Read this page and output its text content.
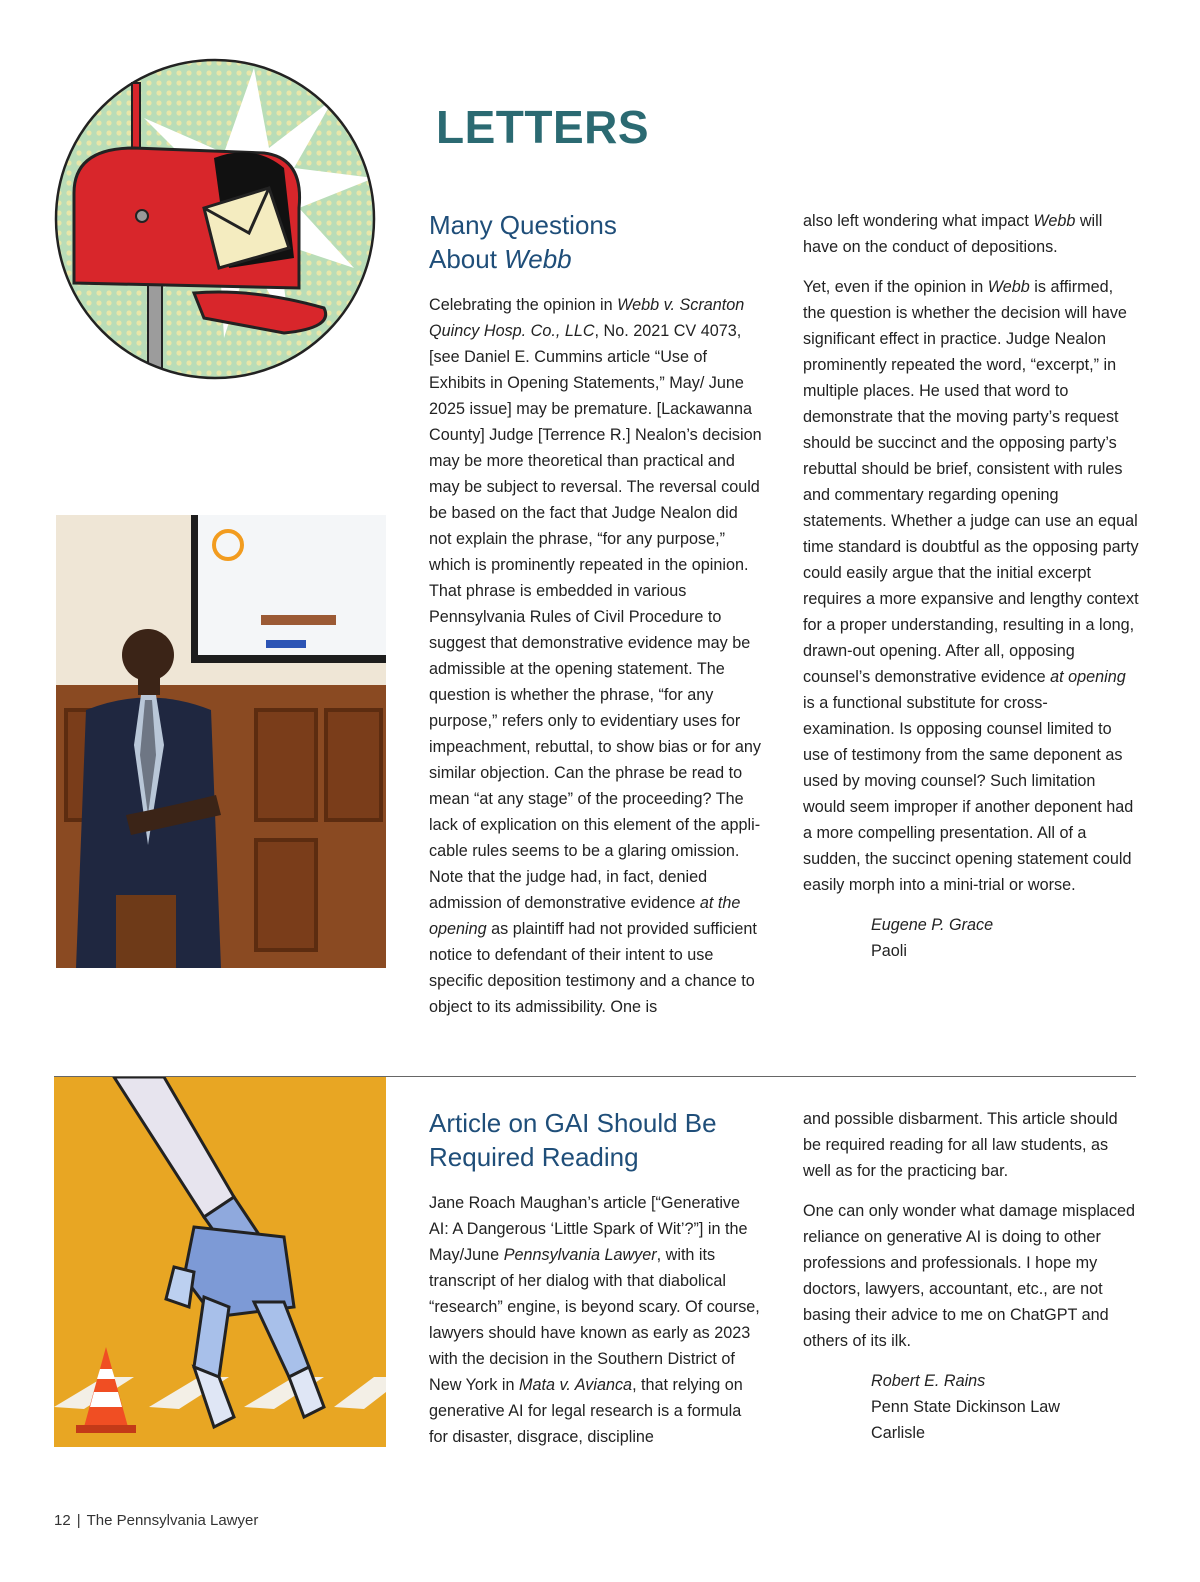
LETTERS
Many Questions
About Webb

Celebrating the opinion in Webb v. Scranton Quincy Hosp. Co., LLC, No. 2021 CV 4073, [see Daniel E. Cummins article “Use of Exhibits in Opening Statements,” May/ June 2025 issue] may be premature. [Lackawanna County] Judge [Terrence R.] Nealon’s decision may be more theoretical than practical and may be subject to reversal. The reversal could be based on the fact that Judge Nealon did not explain the phrase, “for any purpose,” which is prominently repeated in the opinion. That phrase is embedded in various Pennsylvania Rules of Civil Procedure to suggest that demonstrative evidence may be admissible at the opening statement. The question is whether the phrase, “for any purpose,” refers only to evidentiary uses for impeachment, rebuttal, to show bias or for any similar objection. Can the phrase be read to mean “at any stage” of the proceeding? The lack of explication on this element of the applicable rules seems to be a glaring omission. Note that the judge had, in fact, denied admission of demonstrative evidence at the opening as plaintiff had not provided sufficient notice to defendant of their intent to use specific deposition testimony and a chance to object to its admissibility. One is

also left wondering what impact Webb will have on the conduct of depositions.

Yet, even if the opinion in Webb is affirmed, the question is whether the decision will have significant effect in practice. Judge Nealon prominently repeated the word, “excerpt,” in multiple places. He used that word to demonstrate that the moving party’s request should be succinct and the opposing party’s rebuttal should be brief, consistent with rules and commentary regarding opening statements. Whether a judge can use an equal time standard is doubtful as the opposing party could easily argue that the initial excerpt requires a more expansive and lengthy context for a proper understanding, resulting in a long, drawn-out opening. After all, opposing counsel’s demonstrative evidence at opening is a functional substitute for cross-examination. Is opposing counsel limited to use of testimony from the same deponent as used by moving counsel? Such limitation would seem improper if another deponent had a more compelling presentation. All of a sudden, the succinct opening statement could easily morph into a mini-trial or worse.

Eugene P. Grace
Paoli
Article on GAI Should Be
Required Reading

Jane Roach Maughan’s article [“Generative AI: A Dangerous ‘Little Spark of Wit’?”] in the May/June Pennsylvania Lawyer, with its transcript of her dialog with that diabolical “research” engine, is beyond scary. Of course, lawyers should have known as early as 2023 with the decision in the Southern District of New York in Mata v. Avianca, that relying on generative AI for legal research is a formula for disaster, disgrace, discipline

and possible disbarment. This article should be required reading for all law students, as well as for the practicing bar.

One can only wonder what damage misplaced reliance on generative AI is doing to other professions and professionals. I hope my doctors, lawyers, accountant, etc., are not basing their advice to me on ChatGPT and others of its ilk.

Robert E. Rains
Penn State Dickinson Law
Carlisle
12 | The Pennsylvania Lawyer
